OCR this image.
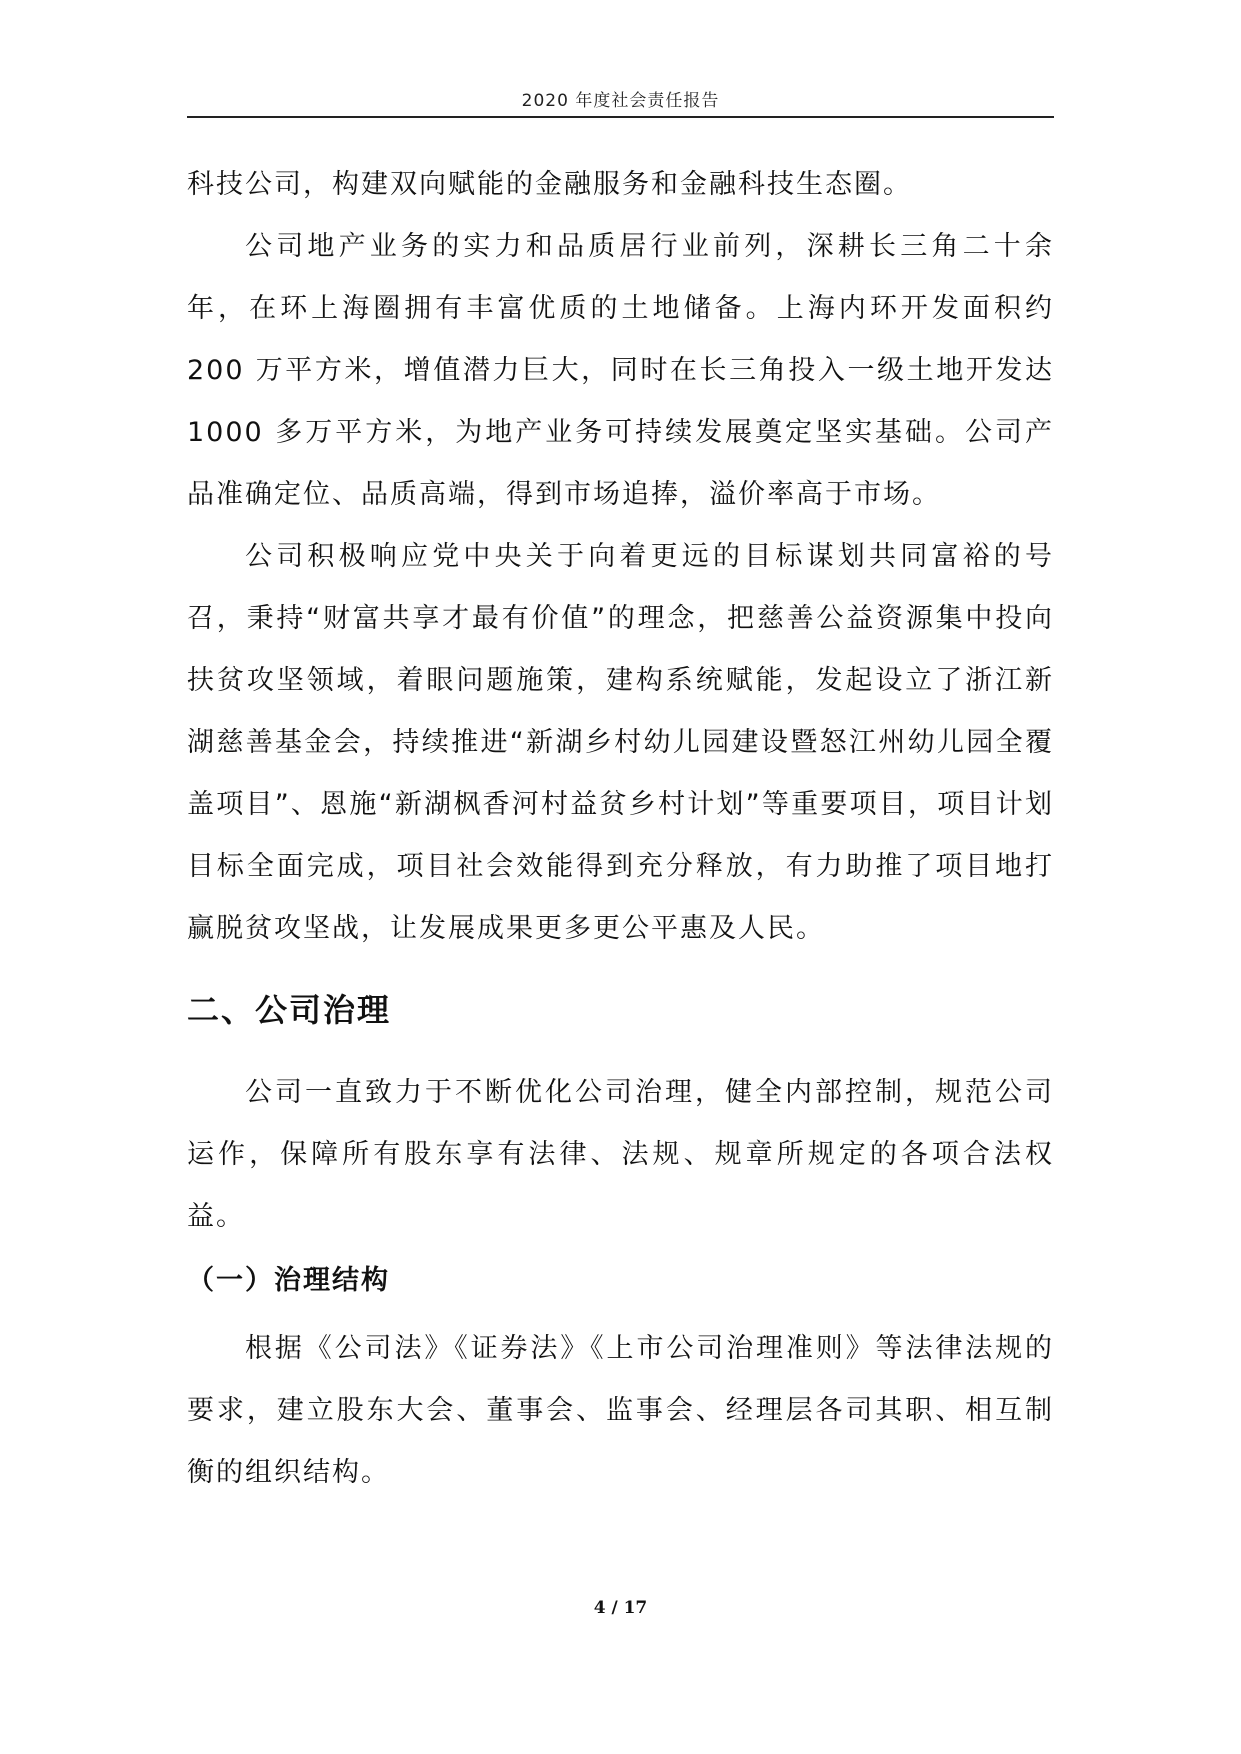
2020 年度社会责任报告

科技公司，构建双向赋能的金融服务和金融科技生态圈。

公司地产业务的实力和品质居行业前列，深耕长三角二十余年，在环上海圈拥有丰富优质的土地储备。上海内环开发面积约 200 万平方米，增值潜力巨大，同时在长三角投入一级土地开发达1000 多万平方米，为地产业务可持续发展奠定坚实基础。公司产品准确定位、品质高端，得到市场追捧，溢价率高于市场。

公司积极响应党中央关于向着更远的目标谋划共同富裕的号召，秉持“财富共享才最有价值”的理念，把慈善公益资源集中投向扶贫攻坚领域，着眼问题施策，建构系统赋能，发起设立了浙江新湖慈善基金会，持续推进“新湖乡村幼儿园建设暨怒江州幼儿园全覆盖项目”、恩施“新湖枫香河村益贫乡村计划”等重要项目，项目计划目标全面完成，项目社会效能得到充分释放，有力助推了项目地打赢脱贫攻坚战，让发展成果更多更公平惠及人民。

二、公司治理

公司一直致力于不断优化公司治理，健全内部控制，规范公司运作，保障所有股东享有法律、法规、规章所规定的各项合法权益。

（一）治理结构

根据《公司法》《证券法》《上市公司治理准则》等法律法规的要求，建立股东大会、董事会、监事会、经理层各司其职、相互制衡的组织结构。

4 / 17
